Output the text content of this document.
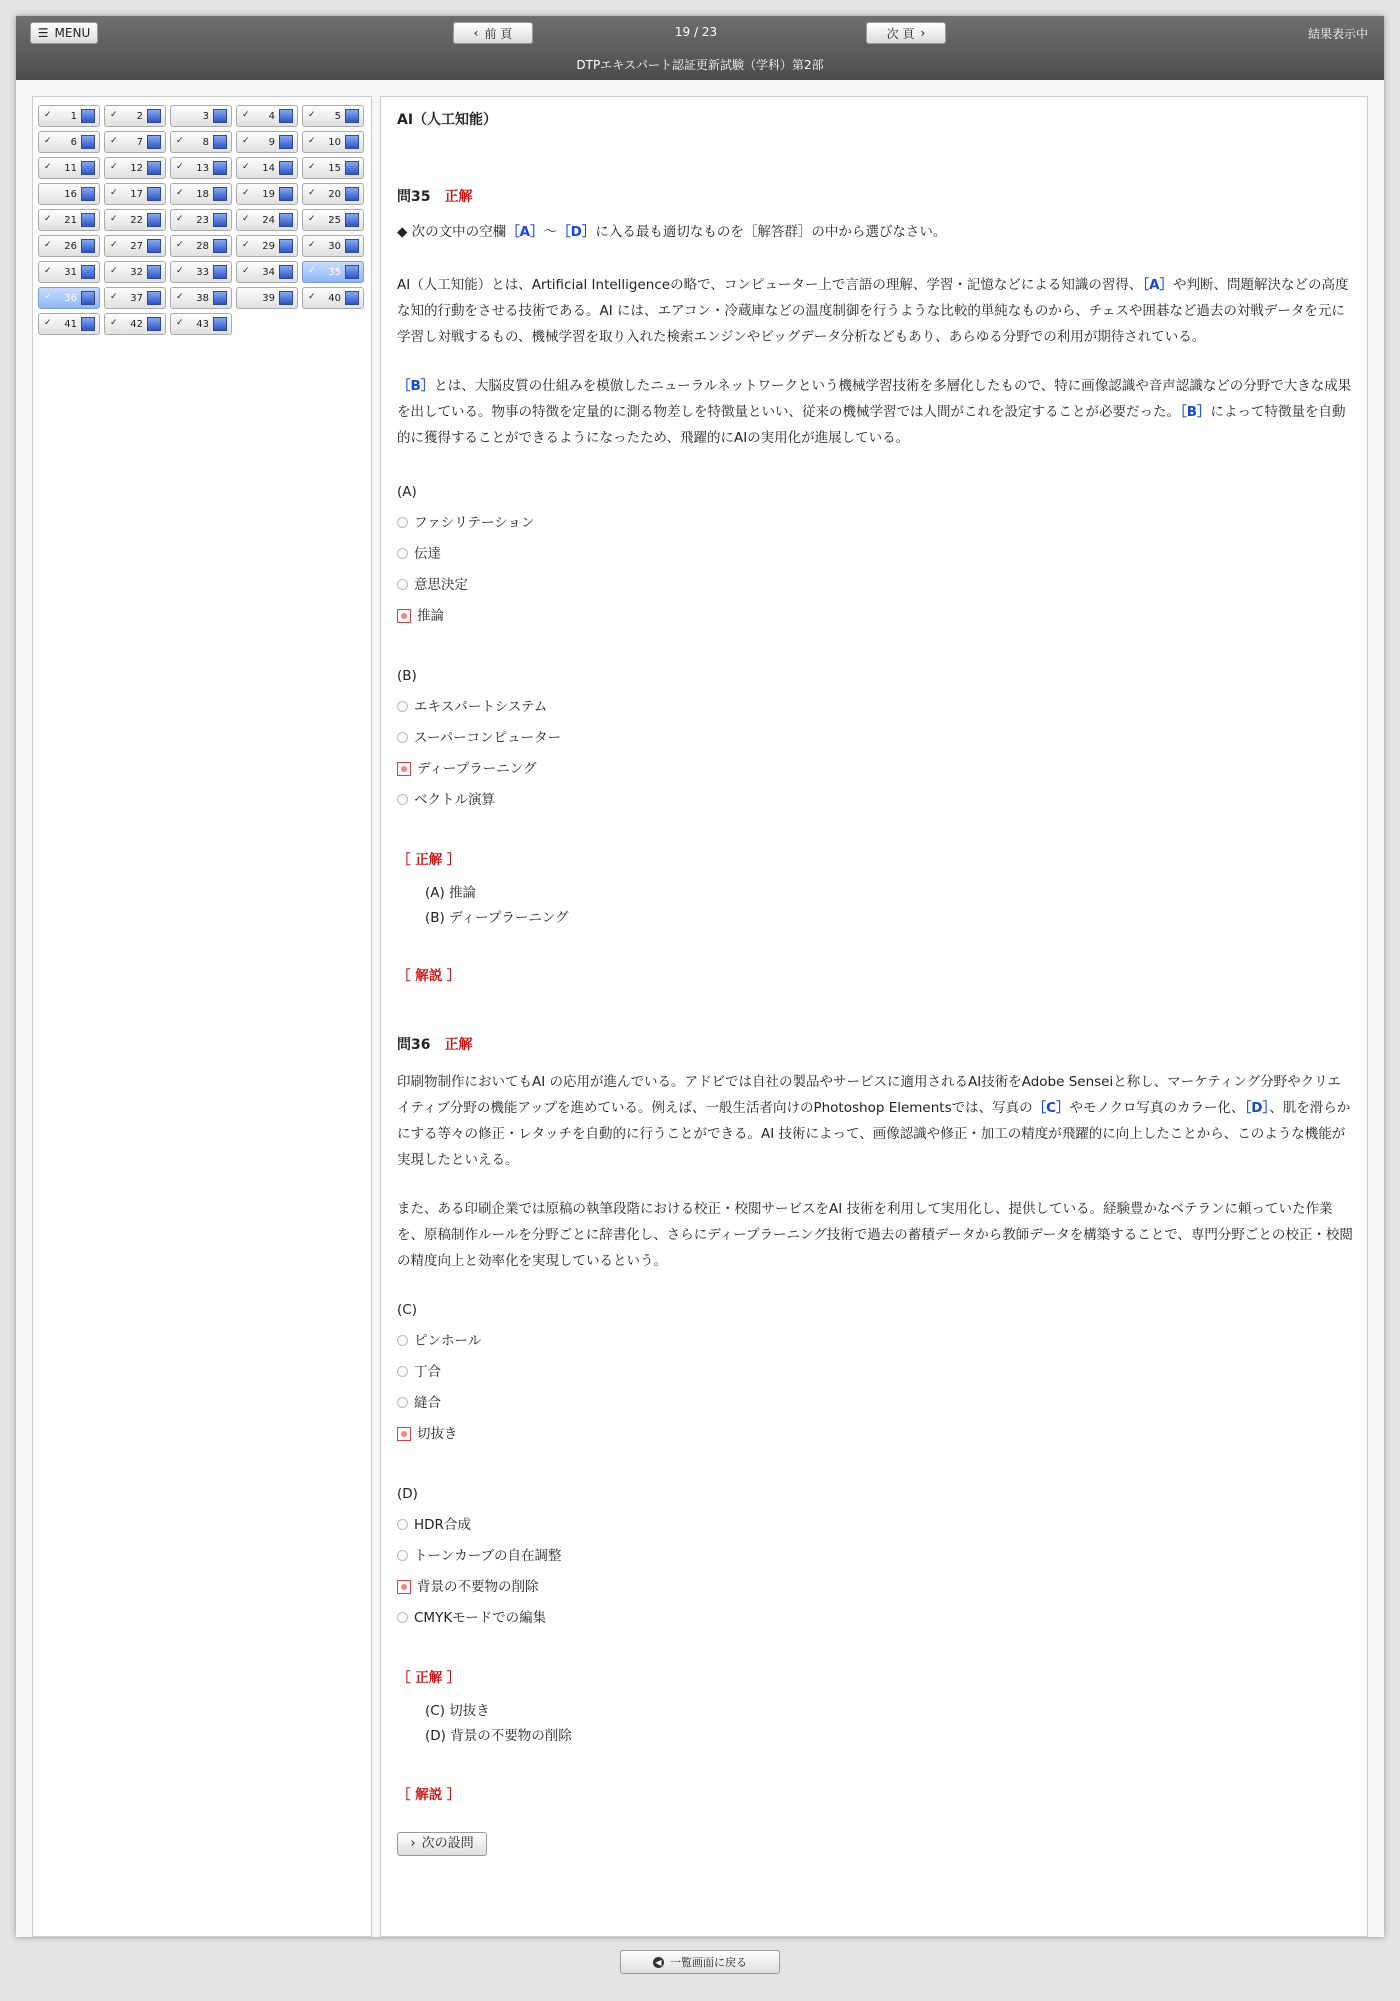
☰ MENU	‹ 前 頁	19 / 23	次 頁 ›	結果表示中
DTPエキスパート認証更新試験（学科）第2部
✓ 1	✓ 2	3	✓ 4	✓ 5
✓ 6	✓ 7	✓ 8	✓ 9	✓ 10
✓ 11	✓ 12	✓ 13	✓ 14	✓ 15
16	✓ 17	✓ 18	✓ 19	✓ 20
✓ 21	✓ 22	✓ 23	✓ 24	✓ 25
✓ 26	✓ 27	✓ 28	✓ 29	✓ 30
✓ 31	✓ 32	✓ 33	✓ 34	✓ 35
✓ 36	✓ 37	✓ 38	39	✓ 40
✓ 41	✓ 42	✓ 43
AI（人工知能）
問35 正解
◆ 次の文中の空欄［A］〜［D］に入る最も適切なものを［解答群］の中から選びなさい。
AI（人工知能）とは、Artificial Intelligenceの略で、コンピューター上で言語の理解、学習・記憶などによる知識の習得、［A］や判断、問題解決などの高度な知的行動をさせる技術である。AI には、エアコン・冷蔵庫などの温度制御を行うような比較的単純なものから、チェスや囲碁など過去の対戦データを元に学習し対戦するもの、機械学習を取り入れた検索エンジンやビッグデータ分析などもあり、あらゆる分野での利用が期待されている。
［B］とは、大脳皮質の仕組みを模倣したニューラルネットワークという機械学習技術を多層化したもので、特に画像認識や音声認識などの分野で大きな成果を出している。物事の特徴を定量的に測る物差しを特徴量といい、従来の機械学習では人間がこれを設定することが必要だった。［B］によって特徴量を自動的に獲得することができるようになったため、飛躍的にAIの実用化が進展している。
(A)
ファシリテーション
伝達
意思決定
推論
(B)
エキスパートシステム
スーパーコンピューター
ディープラーニング
ベクトル演算
［ 正解 ］
(A) 推論
(B) ディープラーニング
［ 解説 ］
問36 正解
印刷物制作においてもAI の応用が進んでいる。アドビでは自社の製品やサービスに適用されるAI技術をAdobe Senseiと称し、マーケティング分野やクリエイティブ分野の機能アップを進めている。例えば、一般生活者向けのPhotoshop Elementsでは、写真の［C］やモノクロ写真のカラー化、［D］、肌を滑らかにする等々の修正・レタッチを自動的に行うことができる。AI 技術によって、画像認識や修正・加工の精度が飛躍的に向上したことから、このような機能が実現したといえる。
また、ある印刷企業では原稿の執筆段階における校正・校閲サービスをAI 技術を利用して実用化し、提供している。経験豊かなベテランに頼っていた作業を、原稿制作ルールを分野ごとに辞書化し、さらにディープラーニング技術で過去の蓄積データから教師データを構築することで、専門分野ごとの校正・校閲の精度向上と効率化を実現しているという。
(C)
ピンホール
丁合
縫合
切抜き
(D)
HDR合成
トーンカーブの自在調整
背景の不要物の削除
CMYKモードでの編集
［ 正解 ］
(C) 切抜き
(D) 背景の不要物の削除
［ 解説 ］
› 次の設問
◀ 一覧画面に戻る
